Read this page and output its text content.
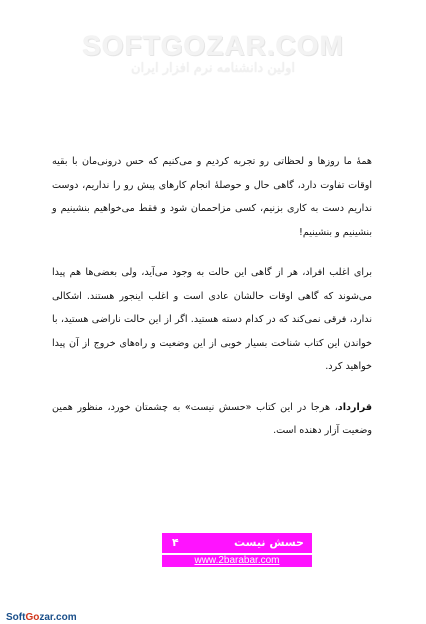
SOFTGOZAR.COM
اولین دانشنامه نرم افزار ایران

همهٔ ما روزها و لحظاتی رو تجربه کردیم و می‌کنیم که حس درونی‌مان با بقیه اوقات تفاوت دارد، گاهی حال و حوصلهٔ انجام کارهای پیش رو را نداریم، دوست نداریم دست به کاری بزنیم، کسی مزاحممان شود و فقط می‌خواهیم بنشینیم و بنشینیم و بنشینیم!

برای اغلب افراد، هر از گاهی این حالت به وجود می‌آید، ولی بعضی‌ها هم پیدا می‌شوند که گاهی اوقات حالشان عادی است و اغلب اینجور هستند. اشکالی ندارد، فرقی نمی‌کند که در کدام دسته هستید. اگر از این حالت ناراضی هستید، با خواندن این کتاب شناخت بسیار خوبی از این وضعیت و راه‌های خروج از آن پیدا خواهید کرد.

قرارداد، هرجا در این کتاب «حسش نیست» به چشمتان خورد، منظور همین وضعیت آزار دهنده است.

حسش نیست
۴
www.2barabar.com
SoftGozar.com
